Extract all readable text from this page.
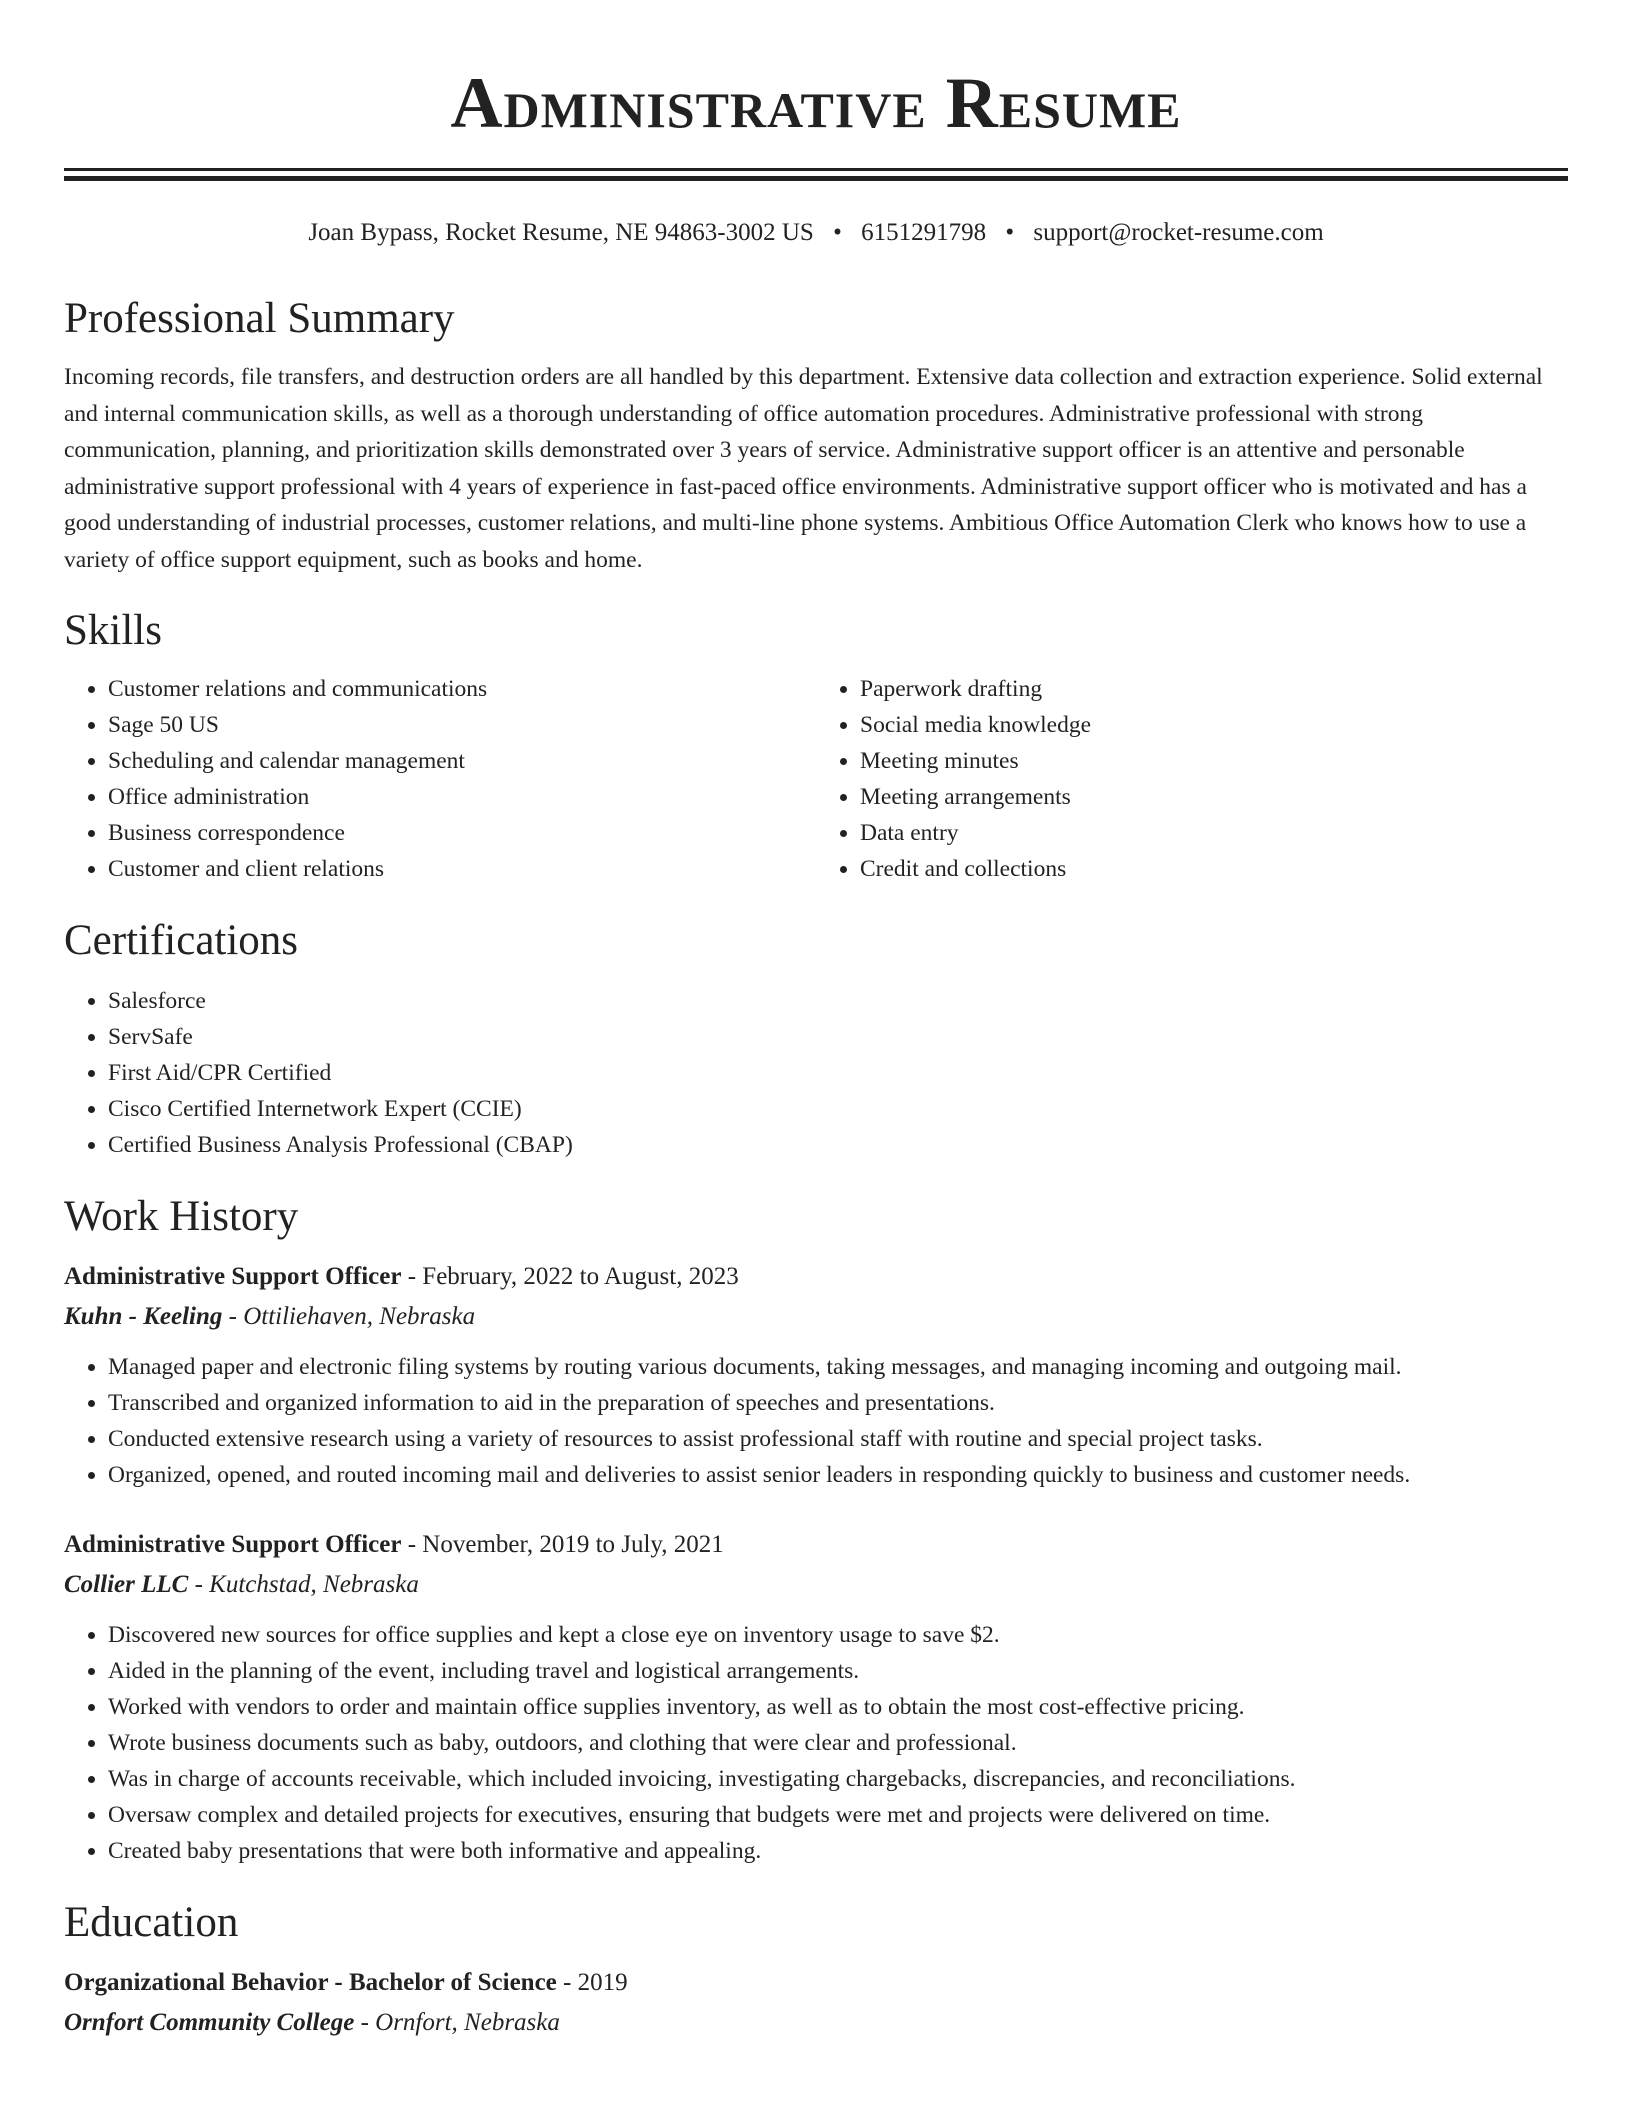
Administrative Resume
Joan Bypass, Rocket Resume, NE 94863-3002 US • 6151291798 • support@rocket-resume.com
Professional Summary

Incoming records, file transfers, and destruction orders are all handled by this department. Extensive data collection and extraction experience. Solid external and internal communication skills, as well as a thorough understanding of office automation procedures. Administrative professional with strong communication, planning, and prioritization skills demonstrated over 3 years of service. Administrative support officer is an attentive and personable administrative support professional with 4 years of experience in fast-paced office environments. Administrative support officer who is motivated and has a good understanding of industrial processes, customer relations, and multi-line phone systems. Ambitious Office Automation Clerk who knows how to use a variety of office support equipment, such as books and home.

Skills
• Customer relations and communications
• Sage 50 US
• Scheduling and calendar management
• Office administration
• Business correspondence
• Customer and client relations
• Paperwork drafting
• Social media knowledge
• Meeting minutes
• Meeting arrangements
• Data entry
• Credit and collections
Certifications
• Salesforce
• ServSafe
• First Aid/CPR Certified
• Cisco Certified Internetwork Expert (CCIE)
• Certified Business Analysis Professional (CBAP)
Work History
Administrative Support Officer - February, 2022 to August, 2023
Kuhn - Keeling - Ottiliehaven, Nebraska
• Managed paper and electronic filing systems by routing various documents, taking messages, and managing incoming and outgoing mail.
• Transcribed and organized information to aid in the preparation of speeches and presentations.
• Conducted extensive research using a variety of resources to assist professional staff with routine and special project tasks.
• Organized, opened, and routed incoming mail and deliveries to assist senior leaders in responding quickly to business and customer needs.
Administrative Support Officer - November, 2019 to July, 2021
Collier LLC - Kutchstad, Nebraska
• Discovered new sources for office supplies and kept a close eye on inventory usage to save $2.
• Aided in the planning of the event, including travel and logistical arrangements.
• Worked with vendors to order and maintain office supplies inventory, as well as to obtain the most cost-effective pricing.
• Wrote business documents such as baby, outdoors, and clothing that were clear and professional.
• Was in charge of accounts receivable, which included invoicing, investigating chargebacks, discrepancies, and reconciliations.
• Oversaw complex and detailed projects for executives, ensuring that budgets were met and projects were delivered on time.
• Created baby presentations that were both informative and appealing.
Education
Organizational Behavior - Bachelor of Science - 2019
Ornfort Community College - Ornfort, Nebraska
